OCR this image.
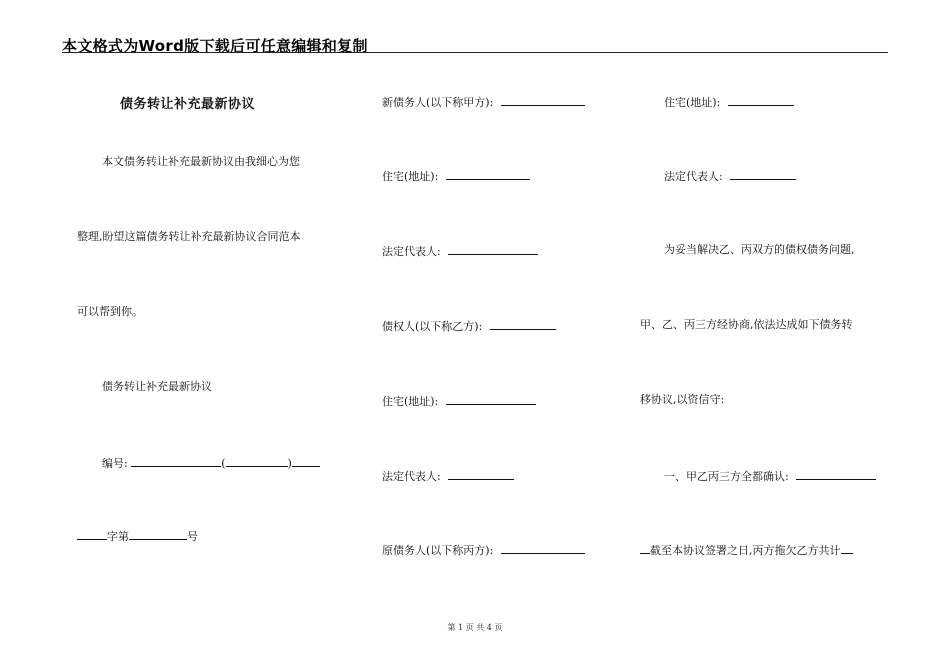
本文格式为Word版下载后可任意编辑和复制
债务转让补充最新协议
本文债务转让补充最新协议由我细心为您
整理,盼望这篇债务转让补充最新协议合同范本
可以帮到你。
债务转让补充最新协议
编号:	(	)
字第	号
新债务人(以下称甲方):
住宅(地址):
法定代表人:
债权人(以下称乙方):
住宅(地址):
法定代表人:
原债务人(以下称丙方):
住宅(地址):
法定代表人:
为妥当解决乙、丙双方的债权债务问题,
甲、乙、丙三方经协商,依法达成如下债务转
移协议,以资信守:
一、甲乙丙三方全都确认:
截至本协议签署之日,丙方拖欠乙方共计
第 1 页 共 4 页
